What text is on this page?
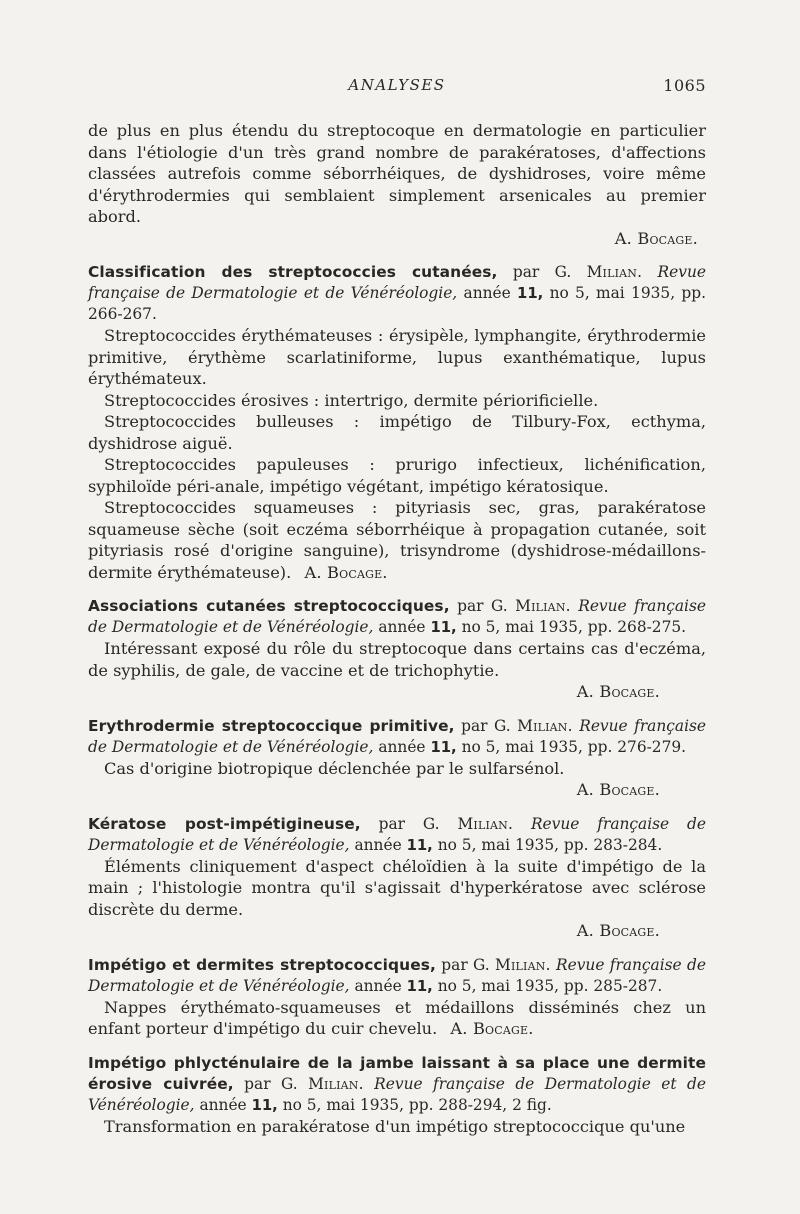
ANALYSES	1065

de plus en plus étendu du streptocoque en dermatologie en particulier dans l'étiologie d'un très grand nombre de parakératoses, d'affections classées autrefois comme séborrhéiques, de dyshidroses, voire même d'érythrodermies qui semblaient simplement arsenicales au premier abord.
A. Bocage.

Classification des streptococcies cutanées, par G. Milian. Revue française de Dermatologie et de Vénéréologie, année 11, no 5, mai 1935, pp. 266-267.

Streptococcides érythémateuses : érysipèle, lymphangite, érythrodermie primitive, érythème scarlatiniforme, lupus exanthématique, lupus érythémateux.

Streptococcides érosives : intertrigo, dermite périorificielle.

Streptococcides bulleuses : impétigo de Tilbury-Fox, ecthyma, dyshidrose aiguë.

Streptococcides papuleuses : prurigo infectieux, lichénification, syphiloïde péri-anale, impétigo végétant, impétigo kératosique.

Streptococcides squameuses : pityriasis sec, gras, parakératose squameuse sèche (soit eczéma séborrhéique à propagation cutanée, soit pityriasis rosé d'origine sanguine), trisyndrome (dyshidrose-médaillons-dermite érythémateuse). A. Bocage.

Associations cutanées streptococciques, par G. Milian. Revue française de Dermatologie et de Vénéréologie, année 11, no 5, mai 1935, pp. 268-275.

Intéressant exposé du rôle du streptocoque dans certains cas d'eczéma, de syphilis, de gale, de vaccine et de trichophytie.

A. Bocage.

Erythrodermie streptococcique primitive, par G. Milian. Revue française de Dermatologie et de Vénéréologie, année 11, no 5, mai 1935, pp. 276-279.

Cas d'origine biotropique déclenchée par le sulfarsénol.

A. Bocage.

Kératose post-impétigineuse, par G. Milian. Revue française de Dermatologie et de Vénéréologie, année 11, no 5, mai 1935, pp. 283-284.

Éléments cliniquement d'aspect chéloïdien à la suite d'impétigo de la main ; l'histologie montra qu'il s'agissait d'hyperkératose avec sclérose discrète du derme.

A. Bocage.

Impétigo et dermites streptococciques, par G. Milian. Revue française de Dermatologie et de Vénéréologie, année 11, no 5, mai 1935, pp. 285-287.

Nappes érythémato-squameuses et médaillons disséminés chez un enfant porteur d'impétigo du cuir chevelu. A. Bocage.

Impétigo phlycténulaire de la jambe laissant à sa place une dermite érosive cuivrée, par G. Milian. Revue française de Dermatologie et de Vénéréologie, année 11, no 5, mai 1935, pp. 288-294, 2 fig.

Transformation en parakératose d'un impétigo streptococcique qu'une
